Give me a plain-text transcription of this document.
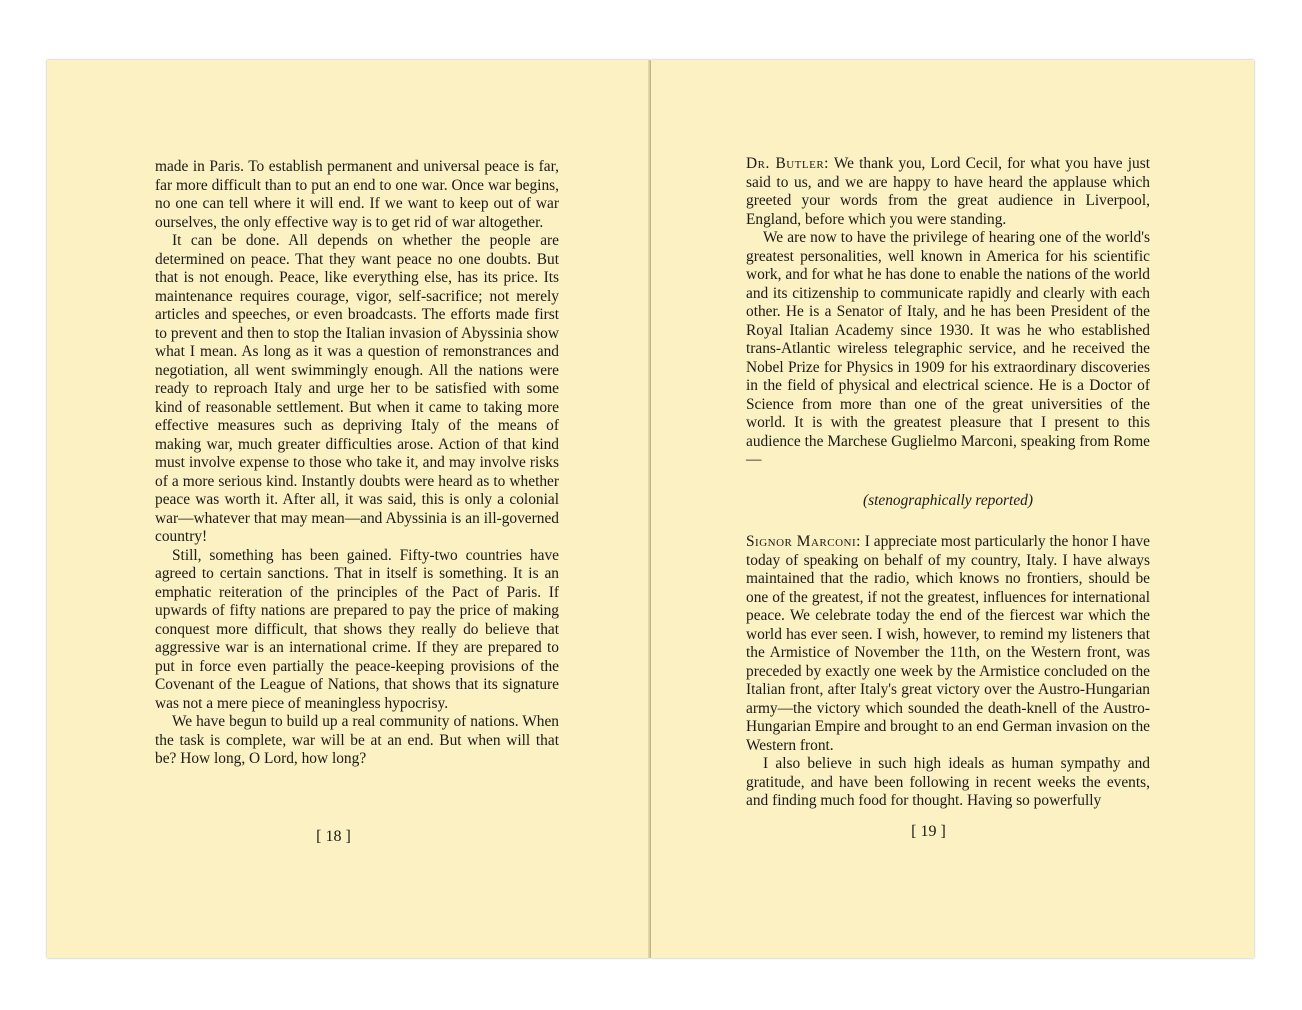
made in Paris. To establish permanent and universal peace is far, far more difficult than to put an end to one war. Once war begins, no one can tell where it will end. If we want to keep out of war ourselves, the only effective way is to get rid of war altogether.

It can be done. All depends on whether the people are determined on peace. That they want peace no one doubts. But that is not enough. Peace, like everything else, has its price. Its maintenance requires courage, vigor, self-sacrifice; not merely articles and speeches, or even broadcasts. The efforts made first to prevent and then to stop the Italian invasion of Abyssinia show what I mean. As long as it was a question of remonstrances and negotiation, all went swimmingly enough. All the nations were ready to reproach Italy and urge her to be satisfied with some kind of reasonable settlement. But when it came to taking more effective measures such as depriving Italy of the means of making war, much greater difficulties arose. Action of that kind must involve expense to those who take it, and may involve risks of a more serious kind. Instantly doubts were heard as to whether peace was worth it. After all, it was said, this is only a colonial war—whatever that may mean—and Abyssinia is an ill-governed country!

Still, something has been gained. Fifty-two countries have agreed to certain sanctions. That in itself is something. It is an emphatic reiteration of the principles of the Pact of Paris. If upwards of fifty nations are prepared to pay the price of making conquest more difficult, that shows they really do believe that aggressive war is an international crime. If they are prepared to put in force even partially the peace-keeping provisions of the Covenant of the League of Nations, that shows that its signature was not a mere piece of meaningless hypocrisy.

We have begun to build up a real community of nations. When the task is complete, war will be at an end. But when will that be? How long, O Lord, how long?

[ 18 ]

Dr. Butler: We thank you, Lord Cecil, for what you have just said to us, and we are happy to have heard the applause which greeted your words from the great audience in Liverpool, England, before which you were standing.

We are now to have the privilege of hearing one of the world's greatest personalities, well known in America for his scientific work, and for what he has done to enable the nations of the world and its citizenship to communicate rapidly and clearly with each other. He is a Senator of Italy, and he has been President of the Royal Italian Academy since 1930. It was he who established trans-Atlantic wireless telegraphic service, and he received the Nobel Prize for Physics in 1909 for his extraordinary discoveries in the field of physical and electrical science. He is a Doctor of Science from more than one of the great universities of the world. It is with the greatest pleasure that I present to this audience the Marchese Guglielmo Marconi, speaking from Rome —

(stenographically reported)

Signor Marconi: I appreciate most particularly the honor I have today of speaking on behalf of my country, Italy. I have always maintained that the radio, which knows no frontiers, should be one of the greatest, if not the greatest, influences for international peace. We celebrate today the end of the fiercest war which the world has ever seen. I wish, however, to remind my listeners that the Armistice of November the 11th, on the Western front, was preceded by exactly one week by the Armistice concluded on the Italian front, after Italy's great victory over the Austro-Hungarian army—the victory which sounded the death-knell of the Austro-Hungarian Empire and brought to an end German invasion on the Western front.

I also believe in such high ideals as human sympathy and gratitude, and have been following in recent weeks the events, and finding much food for thought. Having so powerfully

[ 19 ]
